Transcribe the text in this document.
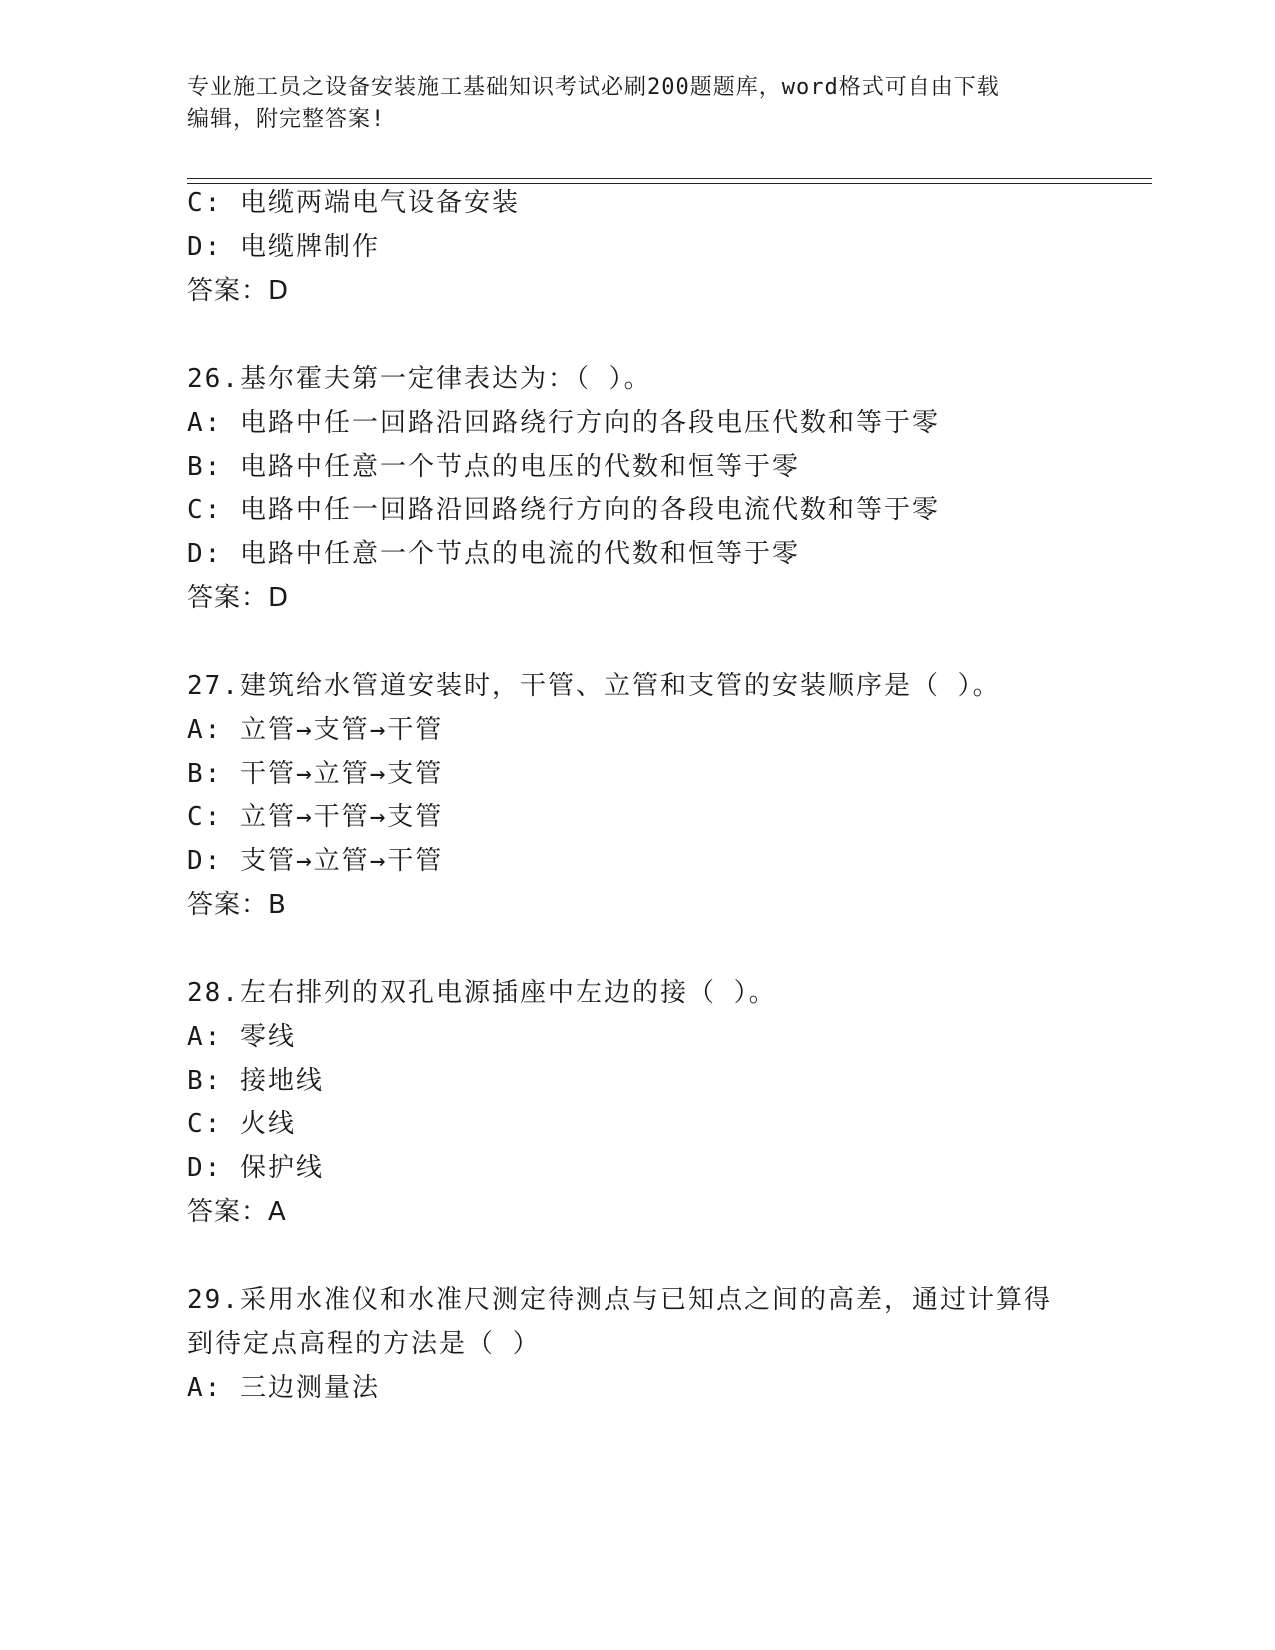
专业施工员之设备安装施工基础知识考试必刷200题题库，word格式可自由下载
编辑，附完整答案!
C: 电缆两端电气设备安装
D: 电缆牌制作
答案：D
26.基尔霍夫第一定律表达为：（ ）。
A: 电路中任一回路沿回路绕行方向的各段电压代数和等于零
B: 电路中任意一个节点的电压的代数和恒等于零
C: 电路中任一回路沿回路绕行方向的各段电流代数和等于零
D: 电路中任意一个节点的电流的代数和恒等于零
答案：D
27.建筑给水管道安装时，干管、立管和支管的安装顺序是（ ）。
A: 立管→支管→干管
B: 干管→立管→支管
C: 立管→干管→支管
D: 支管→立管→干管
答案：B
28.左右排列的双孔电源插座中左边的接（ ）。
A: 零线
B: 接地线
C: 火线
D: 保护线
答案：A
29.采用水准仪和水准尺测定待测点与已知点之间的高差，通过计算得
到待定点高程的方法是（ ）
A: 三边测量法
